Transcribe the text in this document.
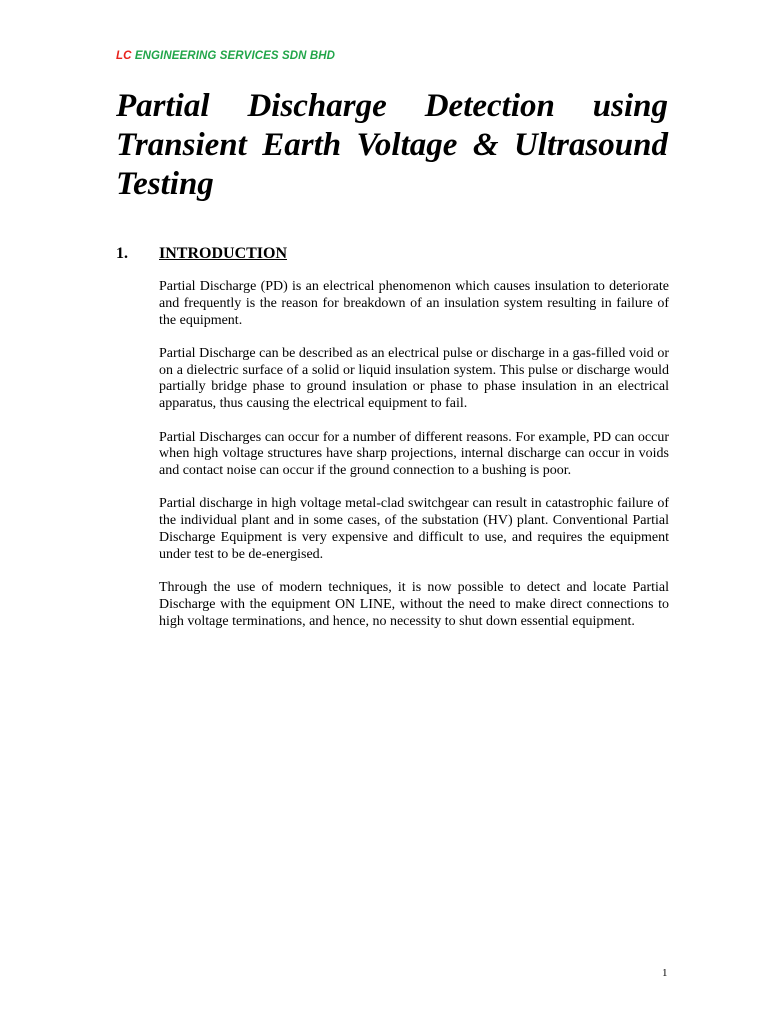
LC ENGINEERING SERVICES SDN BHD
Partial Discharge Detection using Transient Earth Voltage & Ultrasound Testing
1. INTRODUCTION

Partial Discharge (PD) is an electrical phenomenon which causes insulation to deteriorate and frequently is the reason for breakdown of an insulation system resulting in failure of the equipment.

Partial Discharge can be described as an electrical pulse or discharge in a gas-filled void or on a dielectric surface of a solid or liquid insulation system. This pulse or discharge would partially bridge phase to ground insulation or phase to phase insulation in an electrical apparatus, thus causing the electrical equipment to fail.

Partial Discharges can occur for a number of different reasons. For example, PD can occur when high voltage structures have sharp projections, internal discharge can occur in voids and contact noise can occur if the ground connection to a bushing is poor.

Partial discharge in high voltage metal-clad switchgear can result in catastrophic failure of the individual plant and in some cases, of the substation (HV) plant. Conventional Partial Discharge Equipment is very expensive and difficult to use, and requires the equipment under test to be de-energised.

Through the use of modern techniques, it is now possible to detect and locate Partial Discharge with the equipment ON LINE, without the need to make direct connections to high voltage terminations, and hence, no necessity to shut down essential equipment.

1
